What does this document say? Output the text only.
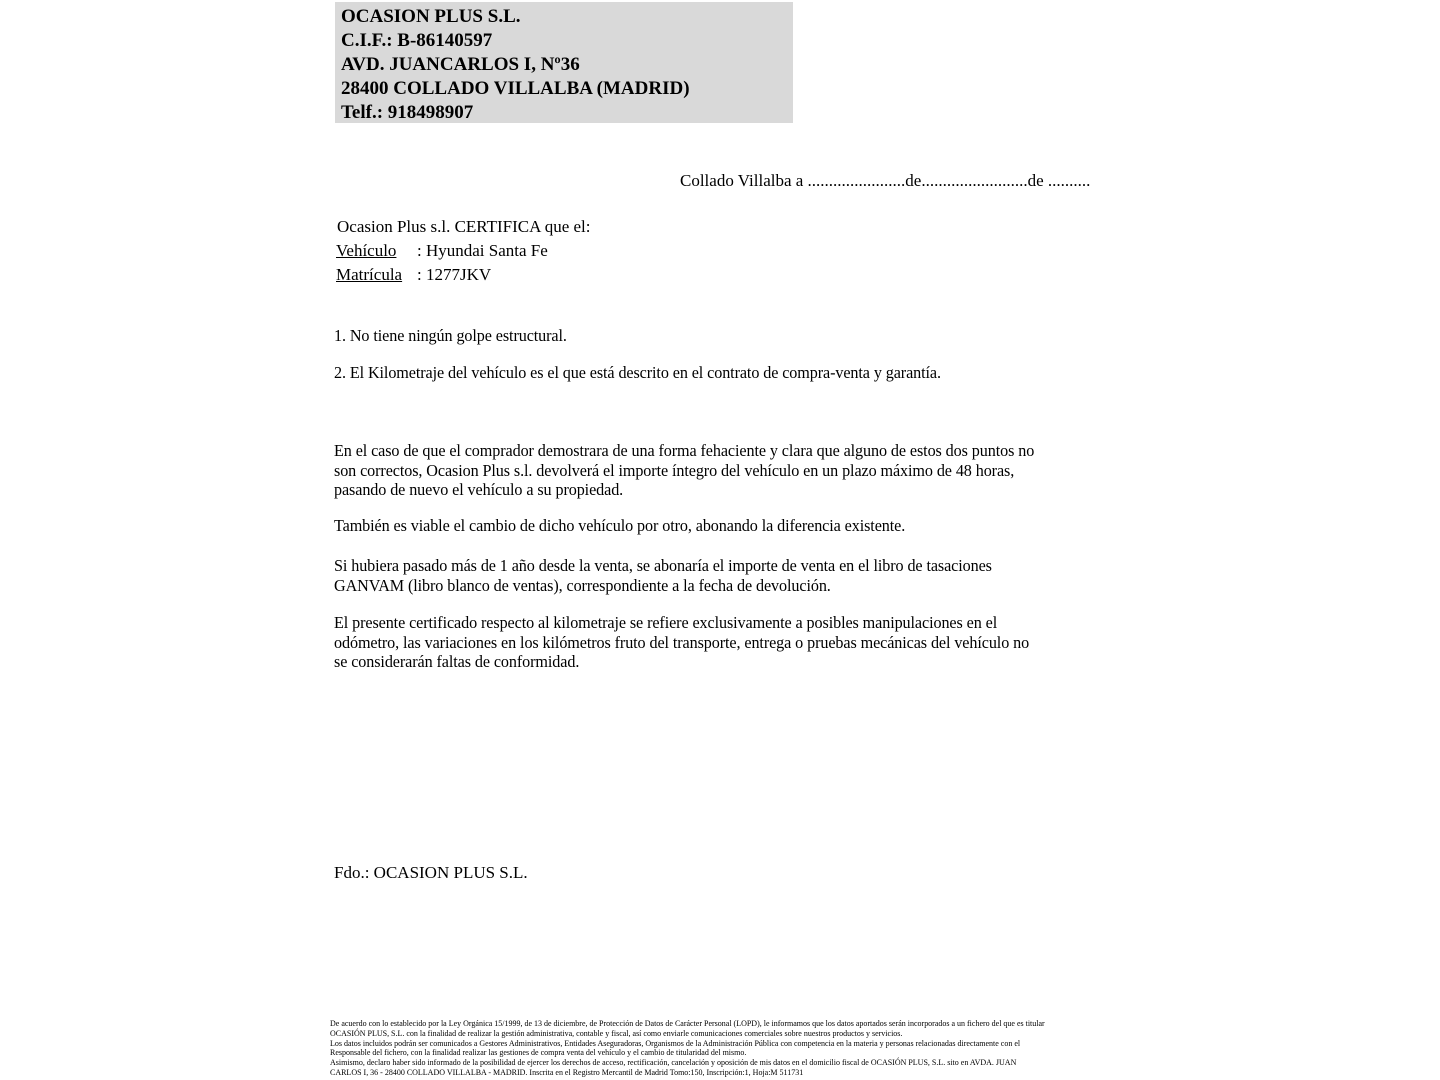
OCASION PLUS S.L.
C.I.F.: B-86140597
AVD. JUANCARLOS I, Nº36
28400 COLLADO VILLALBA (MADRID)
Telf.: 918498907
Collado Villalba a .......................de.........................de ..........
Ocasion Plus s.l. CERTIFICA que el:
Vehículo : Hyundai Santa Fe
Matrícula : 1277JKV
1. No tiene ningún golpe estructural.
2. El Kilometraje del vehículo es el que está descrito en el contrato de compra-venta y garantía.
En el caso de que el comprador demostrara de una forma fehaciente y clara que alguno de estos dos puntos no
son correctos, Ocasion Plus s.l. devolverá el importe íntegro del vehículo en un plazo máximo de 48 horas,
pasando de nuevo el vehículo a su propiedad.
También es viable el cambio de dicho vehículo por otro, abonando la diferencia existente.
Si hubiera pasado más de 1 año desde la venta, se abonaría el importe de venta en el libro de tasaciones
GANVAM (libro blanco de ventas), correspondiente a la fecha de devolución.
El presente certificado respecto al kilometraje se refiere exclusivamente a posibles manipulaciones en el
odómetro, las variaciones en los kilómetros fruto del transporte, entrega o pruebas mecánicas del vehículo no
se considerarán faltas de conformidad.
Fdo.: OCASION PLUS S.L.
De acuerdo con lo establecido por la Ley Orgánica 15/1999, de 13 de diciembre, de Protección de Datos de Carácter Personal (LOPD), le informamos que los datos aportados serán incorporados a un fichero del que es titular
OCASIÓN PLUS, S.L. con la finalidad de realizar la gestión administrativa, contable y fiscal, así como enviarle comunicaciones comerciales sobre nuestros productos y servicios.
Los datos incluidos podrán ser comunicados a Gestores Administrativos, Entidades Aseguradoras, Organismos de la Administración Pública con competencia en la materia y personas relacionadas directamente con el
Responsable del fichero, con la finalidad realizar las gestiones de compra venta del vehículo y el cambio de titularidad del mismo.
Asimismo, declaro haber sido informado de la posibilidad de ejercer los derechos de acceso, rectificación, cancelación y oposición de mis datos en el domicilio fiscal de OCASIÓN PLUS, S.L. sito en AVDA. JUAN
CARLOS I, 36 - 28400 COLLADO VILLALBA - MADRID. Inscrita en el Registro Mercantil de Madrid Tomo:150, Inscripción:1, Hoja:M 511731
